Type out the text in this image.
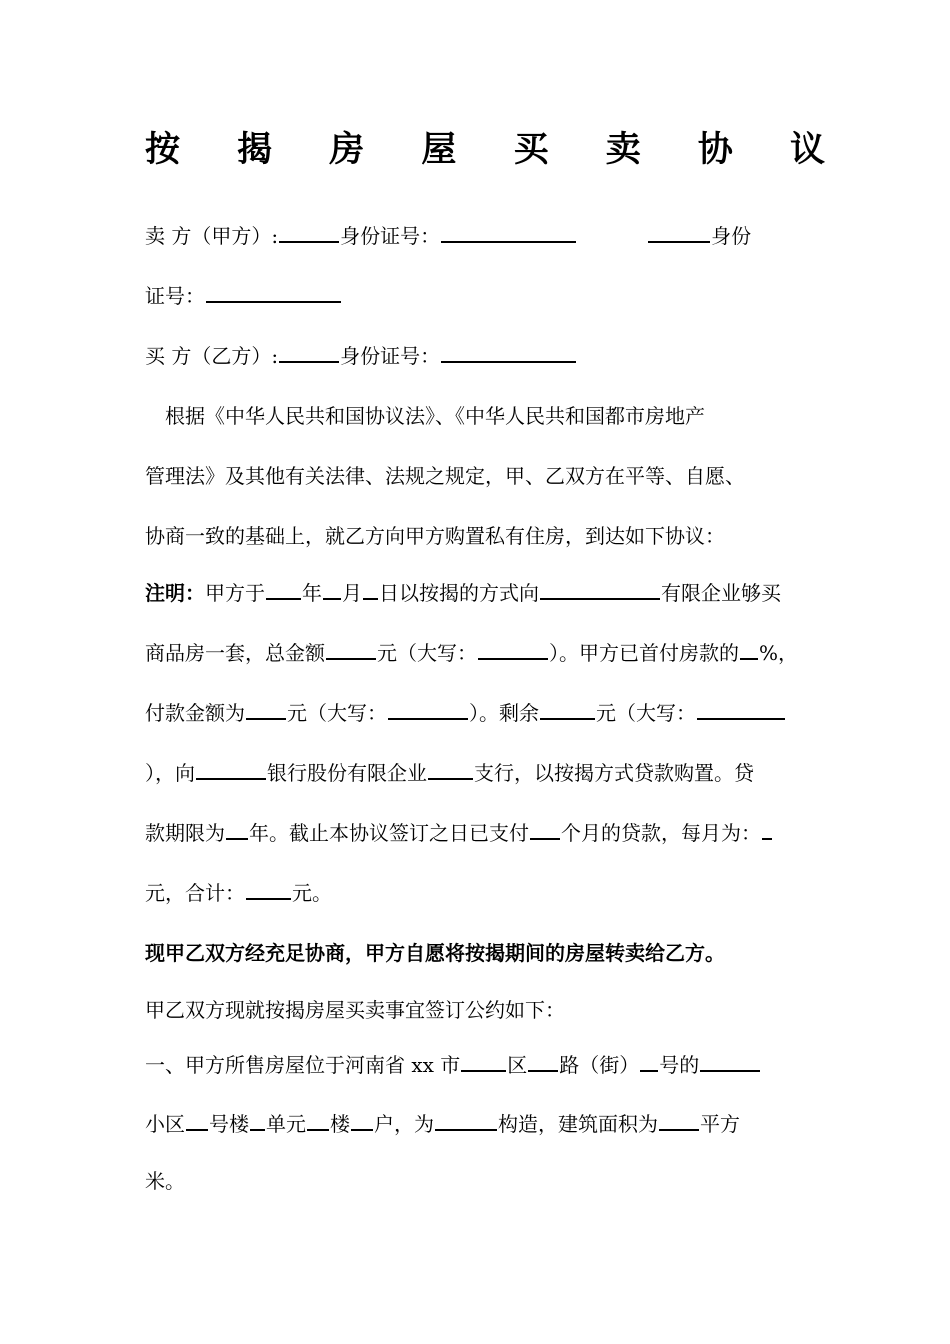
按 揭 房 屋 买 卖 协 议
卖 方（甲方）:	身份证号：	身份
证号：
买 方（乙方）:	身份证号：
根据《中华人民共和国协议法》、《中华人民共和国都市房地产
管理法》及其他有关法律、法规之规定，甲、乙双方在平等、自愿、
协商一致的基础上，就乙方向甲方购置私有住房，到达如下协议：
注明：甲方于 年 月 日以按揭的方式向	有限企业够买
商品房一套，总金额	元（大写：	）。甲方已首付房款的 %，
付款金额为 元（大写：	）。剩余	元（大写：
），向	银行股份有限企业 支行，以按揭方式贷款购置。贷
款期限为 年。截止本协议签订之日已支付 个月的贷款，每月为：
元，合计： 元。
现甲乙双方经充足协商，甲方自愿将按揭期间的房屋转卖给乙方。
甲乙双方现就按揭房屋买卖事宜签订公约如下：
一、甲方所售房屋位于河南省 xx 市 区 路（街） 号的
小区 号楼 单元 楼 户，为	构造，建筑面积为 平方
米。
